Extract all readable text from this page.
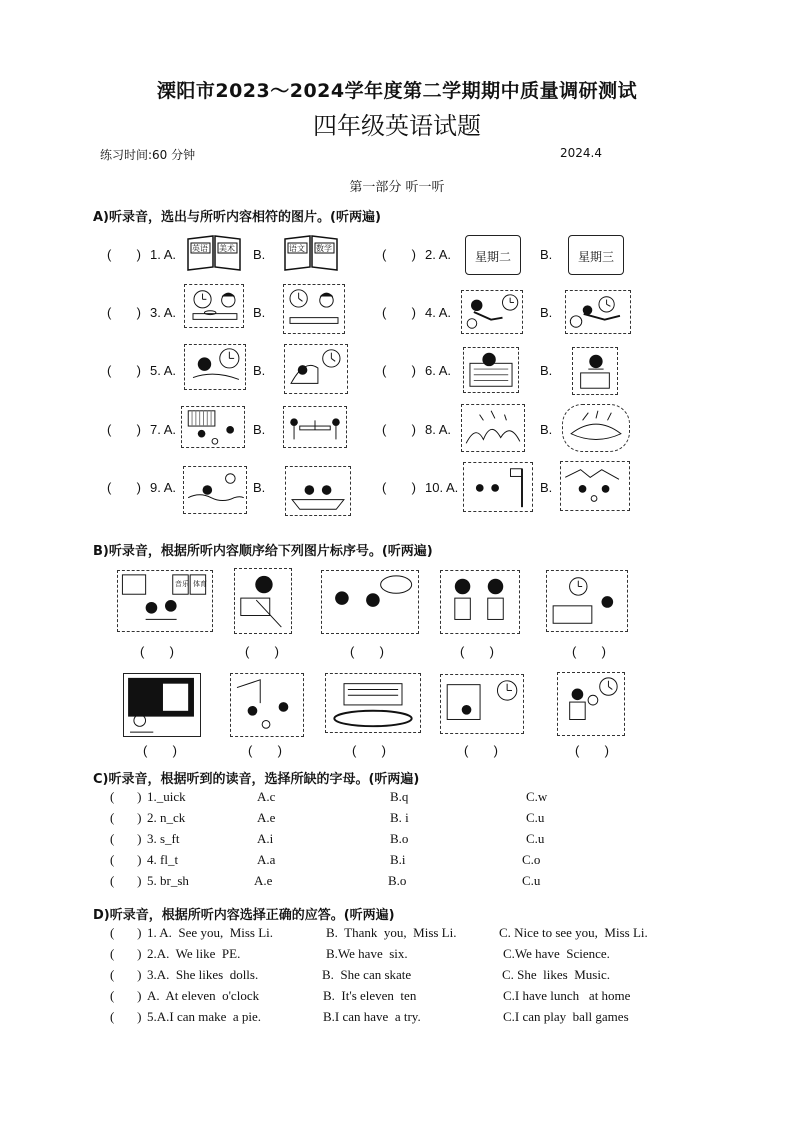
溧阳市2023～2024学年度第二学期期中质量调研测试
四年级英语试题
练习时间:60 分钟	2024.4
第一部分 听一听
A)听录音，选出与所听内容相符的图片。(听两遍)
(       ) 1. A.	B.
(       ) 3. A.	B.
(       ) 5. A.	B.
(       ) 7. A.	B.
(       ) 9. A.	B.
(       ) 2. A.	B.
(       ) 4. A.	B.
(       ) 6. A.	B.
(       ) 8. A.	B.
(       ) 10. A.	B.
英语 美术	语文 数学
星期二	星期三
B)听录音，根据所听内容顺序给下列图片标序号。(听两遍)
音乐 体育
(       )	(       )	(       )	(       )	(       )
(       )	(       )	(       )	(       )	(       )
C)听录音，根据听到的读音，选择所缺的字母。(听两遍)
(       ) 1._uick	A.c	B.q	C.w
(       ) 2. n_ck	A.e	B. i	C.u
(       ) 3. s_ft	A.i	B.o	C.u
(       ) 4. fl_t	A.a	B.i	C.o
(       ) 5. br_sh	A.e	B.o	C.u
D)听录音，根据所听内容选择正确的应答。(听两遍)
(       ) 1. A.  See you,  Miss Li.	B.  Thank  you,  Miss Li.	C. Nice to see you,  Miss Li.
(       ) 2.A.  We like  PE.	B.We have  six.	C.We have  Science.
(       ) 3.A.  She likes  dolls.	B.  She can skate	C. She  likes  Music.
(       ) A.  At eleven  o'clock	B.  It's eleven  ten	C.I have lunch   at home
(       ) 5.A.I can make  a pie.	B.I can have  a try.	C.I can play  ball games
